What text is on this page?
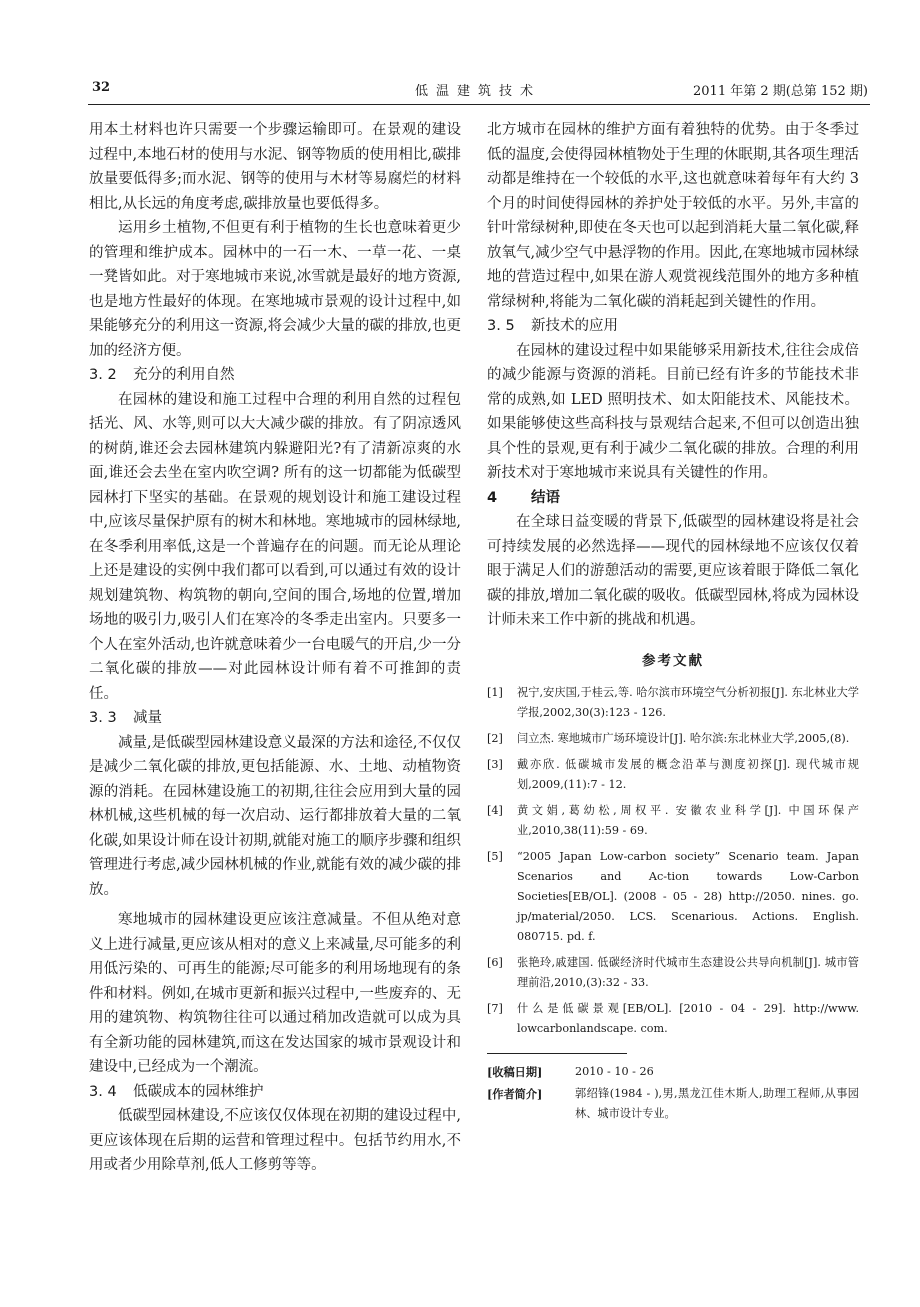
32	低温建筑技术	2011 年第 2 期(总第 152 期)

用本土材料也许只需要一个步骤运输即可。在景观的建设过程中,本地石材的使用与水泥、钢等物质的使用相比,碳排放量要低得多;而水泥、钢等的使用与木材等易腐烂的材料相比,从长远的角度考虑,碳排放量也要低得多。

运用乡土植物,不但更有利于植物的生长也意味着更少的管理和维护成本。园林中的一石一木、一草一花、一桌一凳皆如此。对于寒地城市来说,冰雪就是最好的地方资源,也是地方性最好的体现。在寒地城市景观的设计过程中,如果能够充分的利用这一资源,将会减少大量的碳的排放,也更加的经济方便。

3. 2 充分的利用自然

在园林的建设和施工过程中合理的利用自然的过程包括光、风、水等,则可以大大减少碳的排放。有了阴凉透风的树荫,谁还会去园林建筑内躲避阳光?有了清新凉爽的水面,谁还会去坐在室内吹空调? 所有的这一切都能为低碳型园林打下坚实的基础。在景观的规划设计和施工建设过程中,应该尽量保护原有的树木和林地。寒地城市的园林绿地,在冬季利用率低,这是一个普遍存在的问题。而无论从理论上还是建设的实例中我们都可以看到,可以通过有效的设计规划建筑物、构筑物的朝向,空间的围合,场地的位置,增加场地的吸引力,吸引人们在寒冷的冬季走出室内。只要多一个人在室外活动,也许就意味着少一台电暖气的开启,少一分二氧化碳的排放——对此园林设计师有着不可推卸的责任。

3. 3 减量

减量,是低碳型园林建设意义最深的方法和途径,不仅仅是减少二氧化碳的排放,更包括能源、水、土地、动植物资源的消耗。在园林建设施工的初期,往往会应用到大量的园林机械,这些机械的每一次启动、运行都排放着大量的二氧化碳,如果设计师在设计初期,就能对施工的顺序步骤和组织管理进行考虑,减少园林机械的作业,就能有效的减少碳的排放。

寒地城市的园林建设更应该注意减量。不但从绝对意义上进行减量,更应该从相对的意义上来减量,尽可能多的利用低污染的、可再生的能源;尽可能多的利用场地现有的条件和材料。例如,在城市更新和振兴过程中,一些废弃的、无用的建筑物、构筑物往往可以通过稍加改造就可以成为具有全新功能的园林建筑,而这在发达国家的城市景观设计和建设中,已经成为一个潮流。

3. 4 低碳成本的园林维护

低碳型园林建设,不应该仅仅体现在初期的建设过程中,更应该体现在后期的运营和管理过程中。包括节约用水,不用或者少用除草剂,低人工修剪等等。

北方城市在园林的维护方面有着独特的优势。由于冬季过低的温度,会使得园林植物处于生理的休眠期,其各项生理活动都是维持在一个较低的水平,这也就意味着每年有大约 3 个月的时间使得园林的养护处于较低的水平。另外,丰富的针叶常绿树种,即使在冬天也可以起到消耗大量二氧化碳,释放氧气,减少空气中悬浮物的作用。因此,在寒地城市园林绿地的营造过程中,如果在游人观赏视线范围外的地方多种植常绿树种,将能为二氧化碳的消耗起到关键性的作用。

3. 5 新技术的应用

在园林的建设过程中如果能够采用新技术,往往会成倍的减少能源与资源的消耗。目前已经有许多的节能技术非常的成熟,如 LED 照明技术、如太阳能技术、风能技术。如果能够使这些高科技与景观结合起来,不但可以创造出独具个性的景观,更有利于减少二氧化碳的排放。合理的利用新技术对于寒地城市来说具有关键性的作用。

4 结语

在全球日益变暖的背景下,低碳型的园林建设将是社会可持续发展的必然选择——现代的园林绿地不应该仅仅着眼于满足人们的游憩活动的需要,更应该着眼于降低二氧化碳的排放,增加二氧化碳的吸收。低碳型园林,将成为园林设计师未来工作中新的挑战和机遇。

参考文献
[1]	祝宁,安庆国,于桂云,等. 哈尔滨市环境空气分析初报[J]. 东北林业大学学报,2002,30(3):123 - 126.
[2]	闫立杰. 寒地城市广场环境设计[J]. 哈尔滨:东北林业大学,2005,(8).
[3]	戴亦欣. 低碳城市发展的概念沿革与测度初探[J]. 现代城市规划,2009,(11):7 - 12.
[4]	黄文娟,葛幼松,周权平. 安徽农业科学[J]. 中国环保产业,2010,38(11):59 - 69.
[5]	“2005 Japan Low-carbon society” Scenario team. Japan Scenarios and Ac-tion towards Low-Carbon Societies[EB/OL]. (2008 - 05 - 28) http://2050. nines. go. jp/material/2050. LCS. Scenarious. Actions. English. 080715. pd. f.
[6]	张艳玲,戚建国. 低碳经济时代城市生态建设公共导向机制[J]. 城市管理前沿,2010,(3):32 - 33.
[7]	什么是低碳景观[EB/OL]. [2010 - 04 - 29]. http://www. lowcarbonlandscape. com.
[收稿日期]	2010 - 10 - 26
[作者简介]	郭绍锋(1984 - ),男,黑龙江佳木斯人,助理工程师,从事园林、城市设计专业。
